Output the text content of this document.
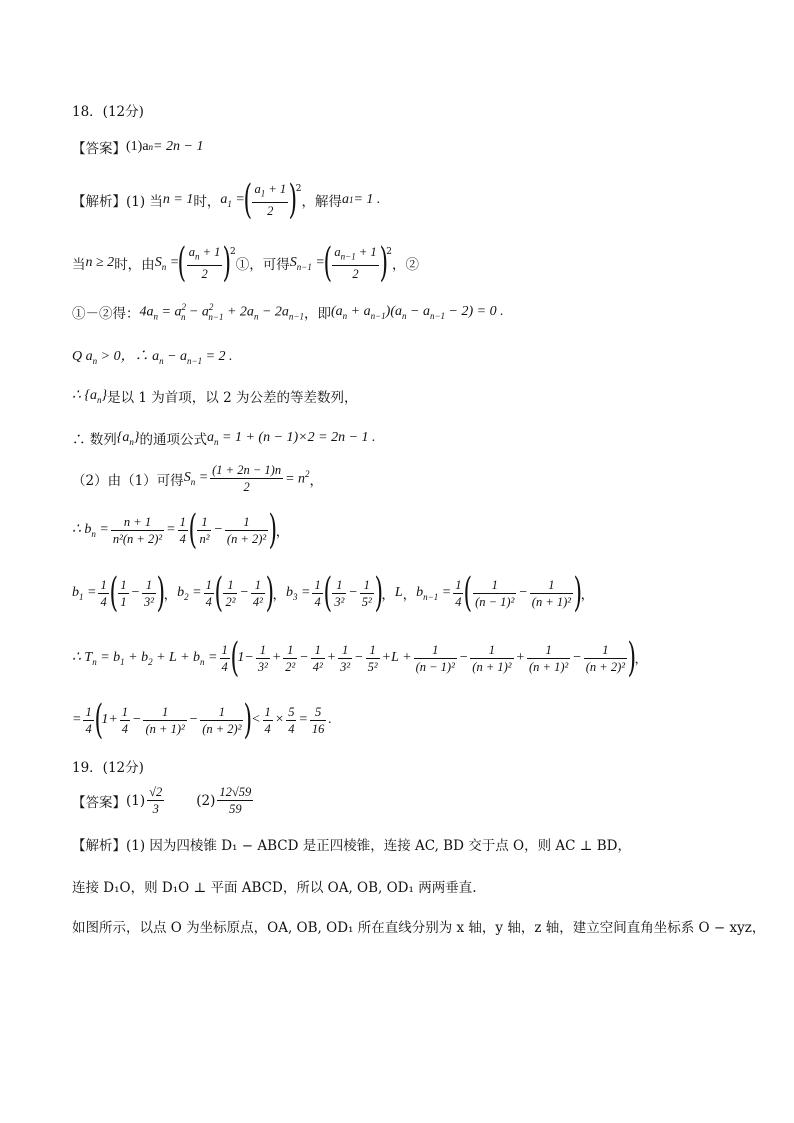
18．(12分)
【答案】 (1)a n = 2n − 1
【解析】 (1) 当 n = 1 时， $a_1$ =
( $\frac{a_1 + 1}{2}$ )
2
，解得 a 1 = 1 .
当 n ≥ 2 时，由 $S_n$ =
( $\frac{a_n + 1}{2}$ )
2
①，可得 $S_{n-1}$ =
( $\frac{a_{n-1} + 1}{2}$ )
2
，②
①－②得： $4a_n = a^2_n - a^2_{n-1} + 2a_n - 2a_{n-1}$ ，即 $(a_n + a_{n-1})(a_n - a_{n-1} - 2) = 0$ .
Q $a_n > 0$，∴ $a_n - a_{n-1} = 2$ .
∴ $\{a_n\}$ 是以 1 为首项，以 2 为公差的等差数列，
∴ 数列 $\{a_n\}$ 的通项公式 $a_n = 1 + (n - 1)\times 2 = 2n - 1$ .
（2）由（1）可得 $S_n = \frac{(1 + 2n - 1)n}{2} = n^2$ ，
∴ $b_n = \frac{n + 1}{\text{n²(n + 2)²}} = \frac{1}{4}$ ( $\frac{1}{\text{n²}} - \frac{1}{\text{(n + 2)²}}$ )
，
$b_1 = \frac{1}{4}$ ( $\frac{1}{1} - \frac{1}{\text{3²}}$ )
， $b_2 = \frac{1}{4}$ ( $\frac{1}{\text{2²}} - \frac{1}{\text{4²}}$ )
， $b_3 = \frac{1}{4}$ ( $\frac{1}{\text{3²}} - \frac{1}{\text{5²}}$ )
， L ， $b_{n-1} = \frac{1}{4}$ ( $\frac{1}{\text{(n − 1)²}} - \frac{1}{\text{(n + 1)²}}$ )
，
∴ $T_n = b_1 + b_2 + L + b_n = \frac{1}{4}$ (
$1- \frac{1}{\text{3²}} + \frac{1}{\text{2²}} - \frac{1}{\text{4²}} + \frac{1}{\text{3²}} - \frac{1}{\text{5²}} +L + \frac{1}{\text{(n − 1)²}} - \frac{1}{\text{(n + 1)²}} + \frac{1}{\text{(n + 1)²}} - \frac{1}{\text{(n + 2)²}}$ )
，
= $\frac{1}{4}$ (
$1+ \frac{1}{4} - \frac{1}{\text{(n + 1)²}} - \frac{1}{\text{(n + 2)²}}$ )
< $\frac{1}{4} \times \frac{5}{4} = \frac{5}{16}$ .
19．(12分)
【答案】 $(1) \frac{√2}{3} (2) \frac{12√59}{59}$
【解析】 (1) 因为四棱锥 D₁ − ABCD 是正四棱锥，连接 AC, BD 交于点 O，则 AC ⊥ BD，
连接 D₁O，则 D₁O ⊥ 平面 ABCD，所以 OA, OB, OD₁ 两两垂直.
如图所示，以点 O 为坐标原点，OA, OB, OD₁ 所在直线分别为 x 轴，y 轴，z 轴，建立空间直角坐标系 O − xyz，
